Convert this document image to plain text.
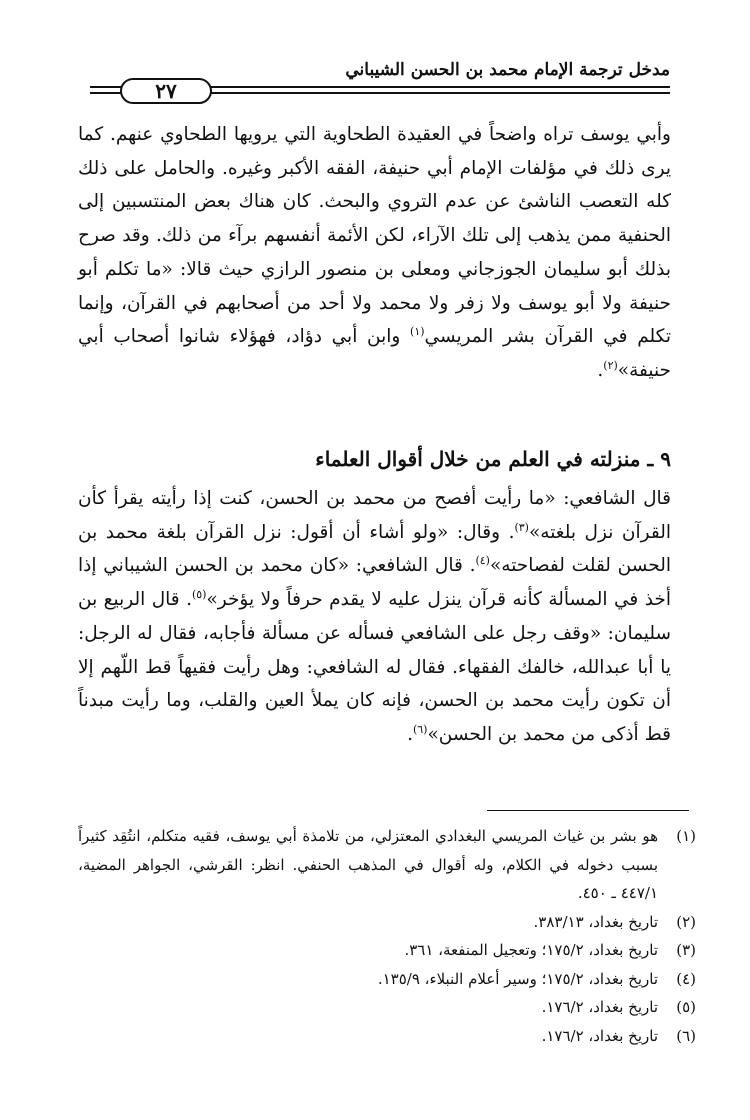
مدخل ترجمة الإمام محمد بن الحسن الشيباني
٢٧
وأبي يوسف تراه واضحاً في العقيدة الطحاوية التي يرويها الطحاوي عنهم. كما يرى ذلك في مؤلفات الإمام أبي حنيفة، الفقه الأكبر وغيره. والحامل على ذلك كله التعصب الناشئ عن عدم التروي والبحث. كان هناك بعض المنتسبين إلى الحنفية ممن يذهب إلى تلك الآراء، لكن الأئمة أنفسهم برآء من ذلك. وقد صرح بذلك أبو سليمان الجوزجاني ومعلى بن منصور الرازي حيث قالا: «ما تكلم أبو حنيفة ولا أبو يوسف ولا زفر ولا محمد ولا أحد من أصحابهم في القرآن، وإنما تكلم في القرآن بشر المريسي$^{(١)}$ وابن أبي دؤاد، فهؤلاء شانوا أصحاب أبي حنيفة»$^{(٢)}$.
٩ ـ منزلته في العلم من خلال أقوال العلماء
قال الشافعي: «ما رأيت أفصح من محمد بن الحسن، كنت إذا رأيته يقرأ كأن القرآن نزل بلغته»$^{(٣)}$. وقال: «ولو أشاء أن أقول: نزل القرآن بلغة محمد بن الحسن لقلت لفصاحته»$^{(٤)}$. قال الشافعي: «كان محمد بن الحسن الشيباني إذا أخذ في المسألة كأنه قرآن ينزل عليه لا يقدم حرفاً ولا يؤخر»$^{(٥)}$. قال الربيع بن سليمان: «وقف رجل على الشافعي فسأله عن مسألة فأجابه، فقال له الرجل: يا أبا عبدالله، خالفك الفقهاء. فقال له الشافعي: وهل رأيت فقيهاً قط اللّهم إلا أن تكون رأيت محمد بن الحسن، فإنه كان يملأ العين والقلب، وما رأيت مبدناً قط أذكى من محمد بن الحسن»$^{(٦)}$.
(١)
هو بشر بن غياث المريسي البغدادي المعتزلي، من تلامذة أبي يوسف، فقيه متكلم، انتُقِد كثيراً بسبب دخوله في الكلام، وله أقوال في المذهب الحنفي. انظر: القرشي، الجواهر المضية، ٤٤٧/١ ـ ٤٥٠.
(٢)
تاريخ بغداد، ٣٨٣/١٣.
(٣)
تاريخ بغداد، ١٧٥/٢؛ وتعجيل المنفعة، ٣٦١.
(٤)
تاريخ بغداد، ١٧٥/٢؛ وسير أعلام النبلاء، ١٣٥/٩.
(٥)
تاريخ بغداد، ١٧٦/٢.
(٦)
تاريخ بغداد، ١٧٦/٢.
